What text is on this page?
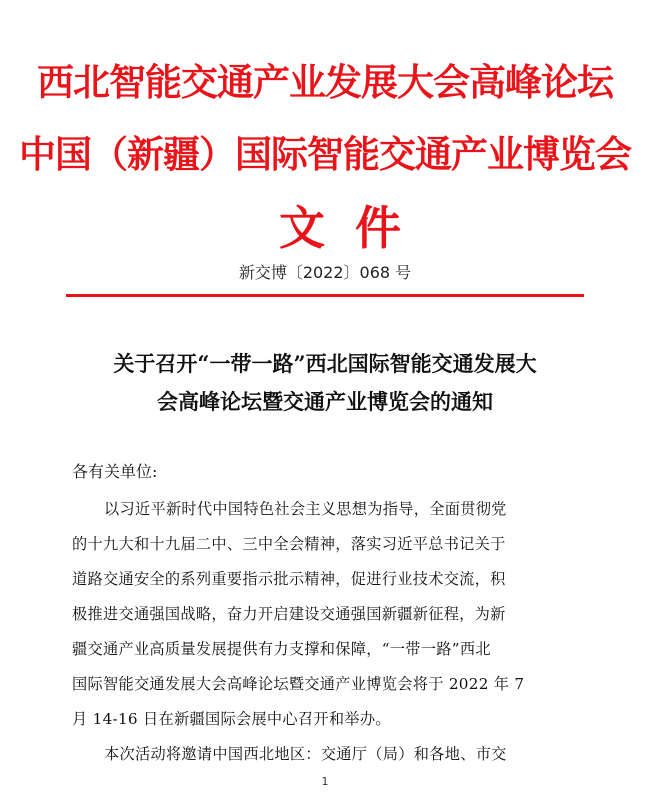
西北智能交通产业发展大会高峰论坛
中国（新疆）国际智能交通产业博览会
文件
新交博〔2022〕068 号
关于召开“一带一路”西北国际智能交通发展大
会高峰论坛暨交通产业博览会的通知
各有关单位:
以习近平新时代中国特色社会主义思想为指导，全面贯彻党
的十九大和十九届二中、三中全会精神，落实习近平总书记关于
道路交通安全的系列重要指示批示精神，促进行业技术交流，积
极推进交通强国战略，奋力开启建设交通强国新疆新征程，为新
疆交通产业高质量发展提供有力支撑和保障，“一带一路”西北
国际智能交通发展大会高峰论坛暨交通产业博览会将于 2022 年 7
月 14-16 日在新疆国际会展中心召开和举办。
本次活动将邀请中国西北地区：交通厅（局）和各地、市交
1
